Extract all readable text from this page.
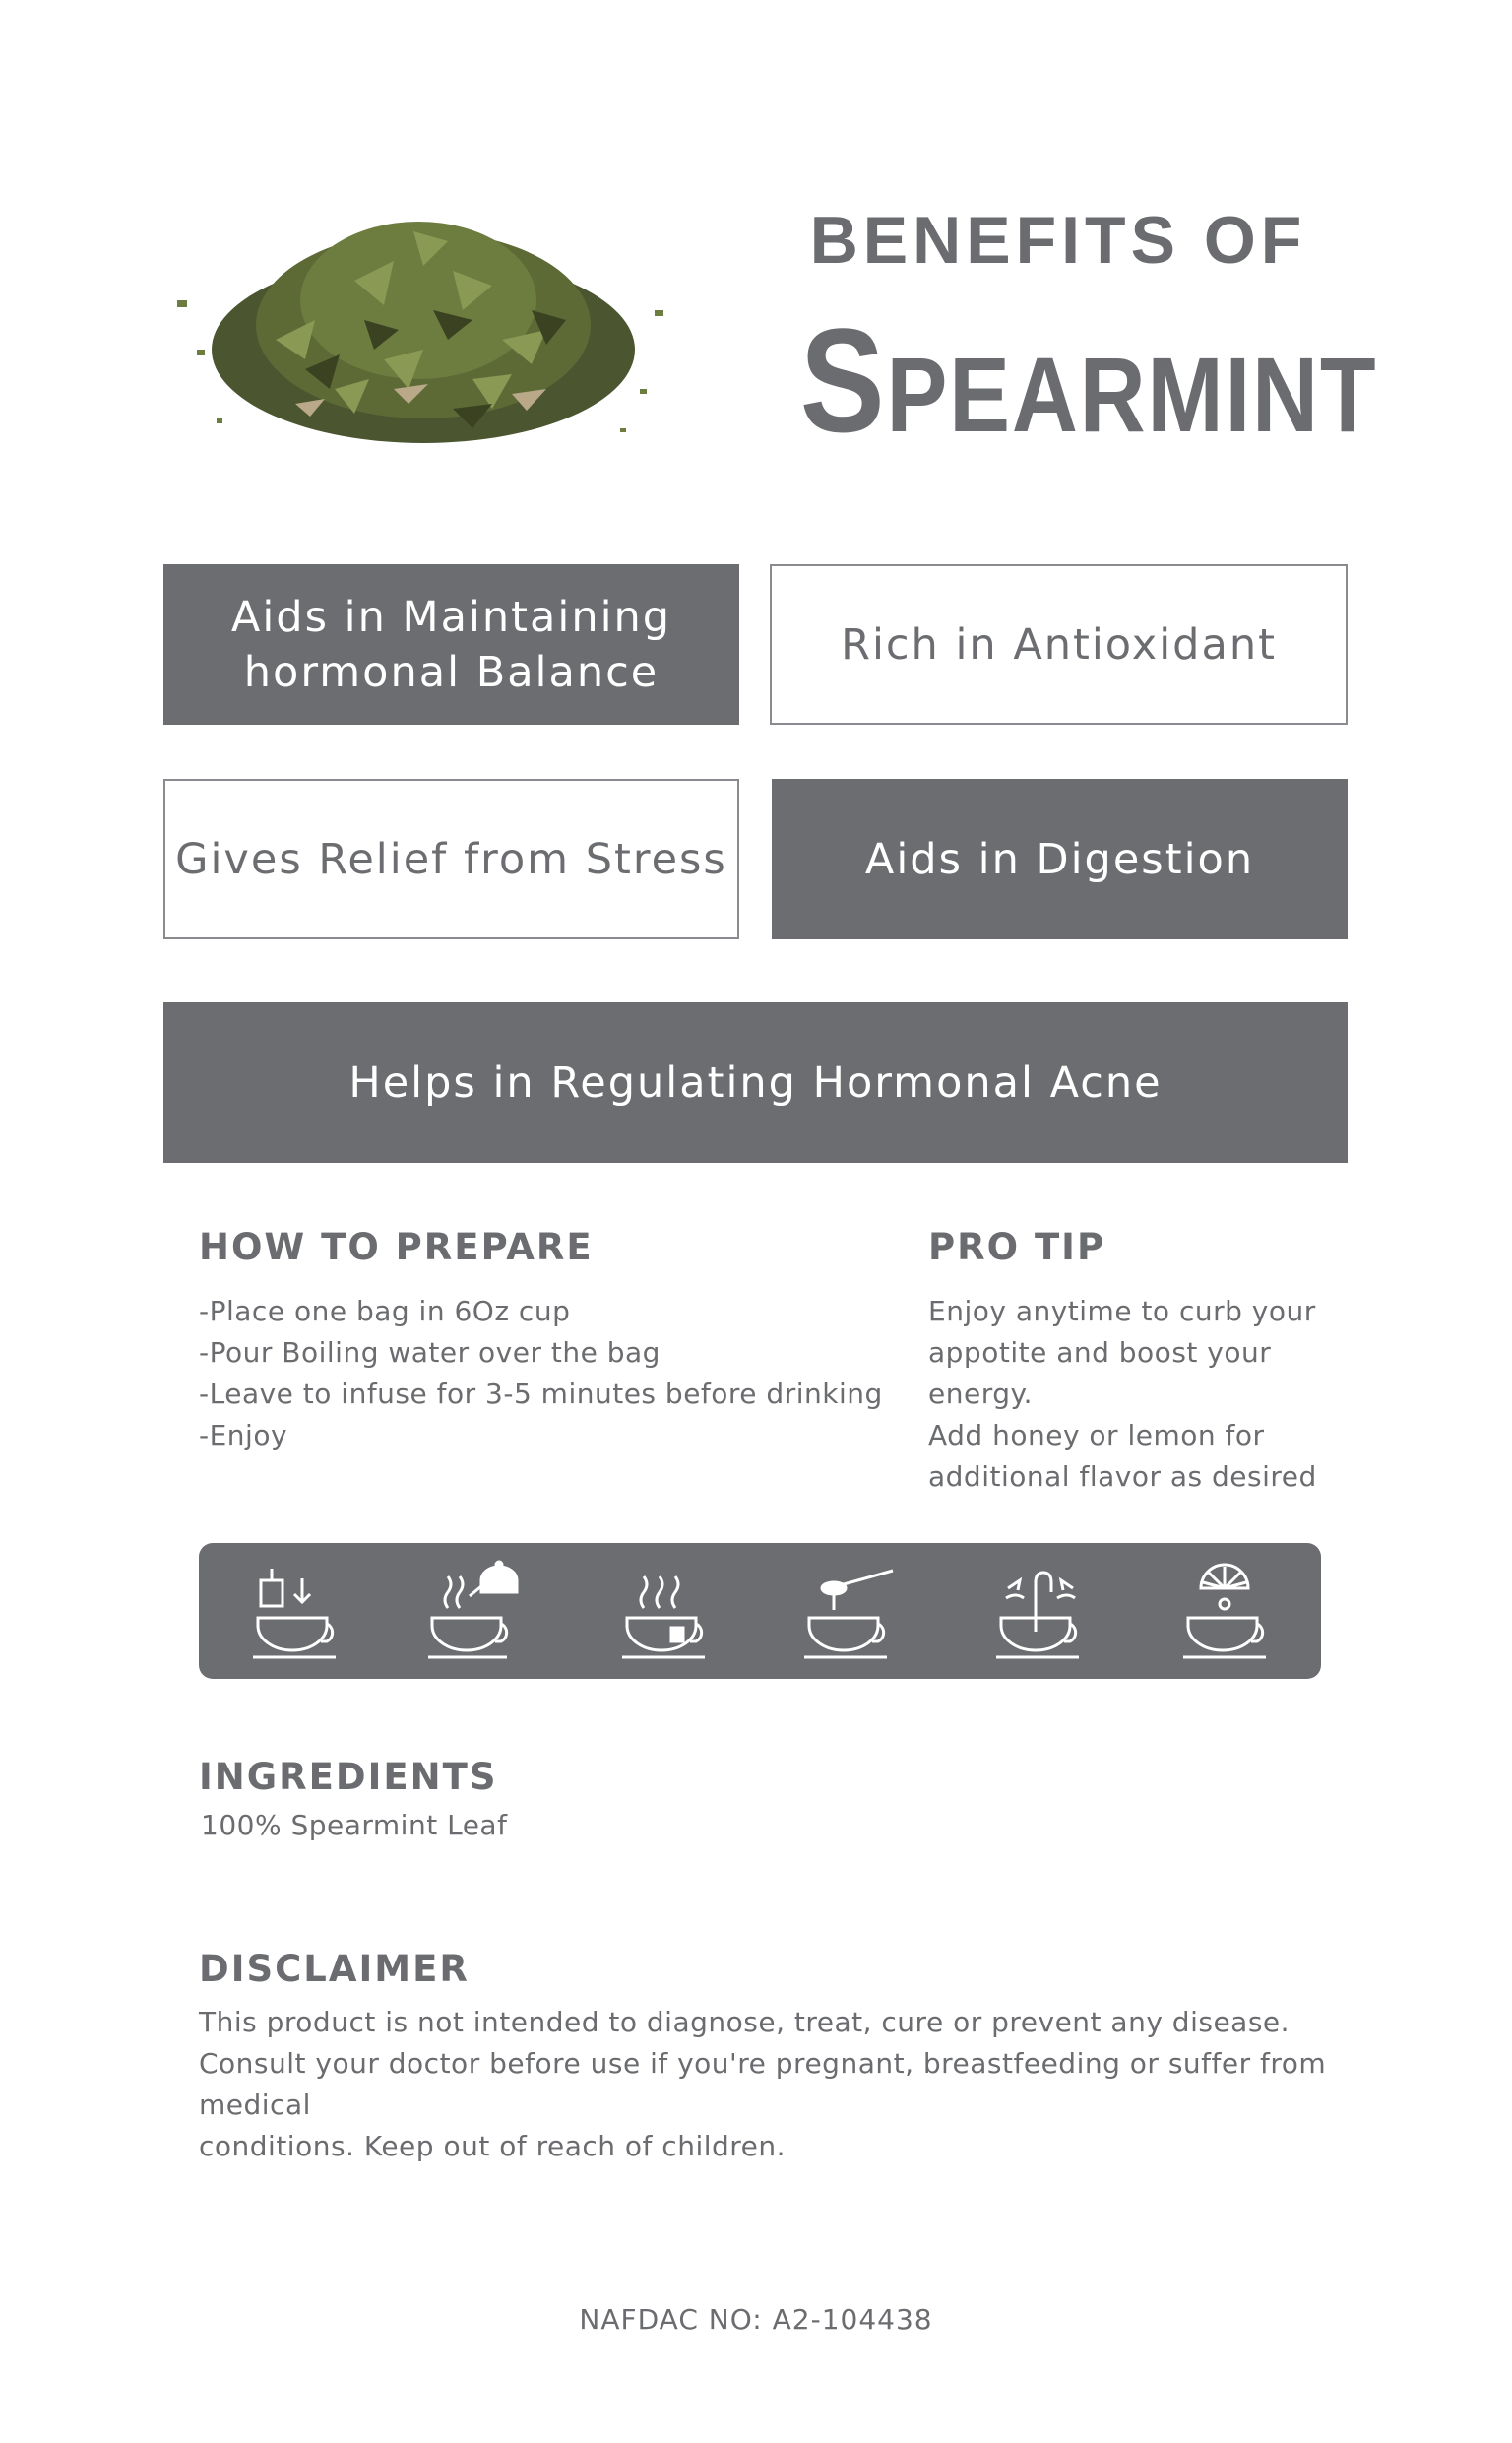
BENEFITS OF
SPEARMINT
Aids in Maintaining
hormonal Balance
Rich in Antioxidant
Gives Relief from Stress	Aids in Digestion
Helps in Regulating Hormonal Acne
HOW TO PREPARE
-Place one bag in 6Oz cup
-Pour Boiling water over the bag
-Leave to infuse for 3-5 minutes before drinking
-Enjoy
PRO TIP
Enjoy anytime to curb your
appotite and boost your energy.
Add honey or lemon for
additional flavor as desired
INGREDIENTS
100% Spearmint Leaf
DISCLAIMER
This product is not intended to diagnose, treat, cure or prevent any disease.
Consult your doctor before use if you're pregnant, breastfeeding or suffer from medical
conditions. Keep out of reach of children.
NAFDAC NO: A2-104438
